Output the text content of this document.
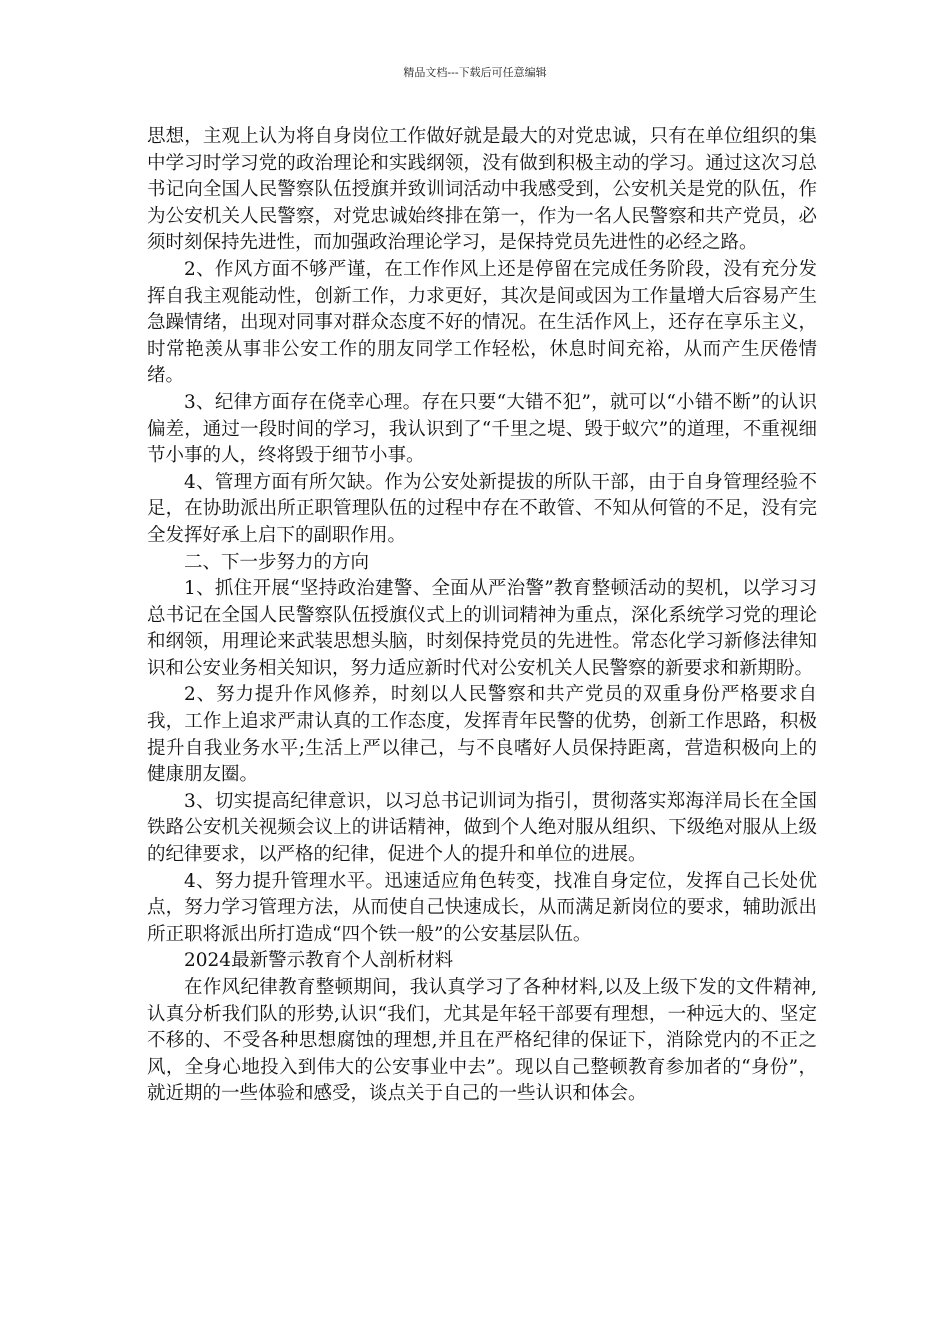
精品文档---下载后可任意编辑

思想，主观上认为将自身岗位工作做好就是最大的对党忠诚，只有在单位组织的集中学习时学习党的政治理论和实践纲领，没有做到积极主动的学习。通过这次习总书记向全国人民警察队伍授旗并致训词活动中我感受到，公安机关是党的队伍，作为公安机关人民警察，对党忠诚始终排在第一，作为一名人民警察和共产党员，必须时刻保持先进性，而加强政治理论学习，是保持党员先进性的必经之路。

2、作风方面不够严谨，在工作作风上还是停留在完成任务阶段，没有充分发挥自我主观能动性，创新工作，力求更好，其次是间或因为工作量增大后容易产生急躁情绪，出现对同事对群众态度不好的情况。在生活作风上，还存在享乐主义，时常艳羡从事非公安工作的朋友同学工作轻松，休息时间充裕，从而产生厌倦情绪。

3、纪律方面存在侥幸心理。存在只要“大错不犯”，就可以“小错不断”的认识偏差，通过一段时间的学习，我认识到了“千里之堤、毁于蚁穴”的道理，不重视细节小事的人，终将毁于细节小事。

4、管理方面有所欠缺。作为公安处新提拔的所队干部，由于自身管理经验不足，在协助派出所正职管理队伍的过程中存在不敢管、不知从何管的不足，没有完全发挥好承上启下的副职作用。

二、下一步努力的方向

1、抓住开展“坚持政治建警、全面从严治警”教育整顿活动的契机，以学习习总书记在全国人民警察队伍授旗仪式上的训词精神为重点，深化系统学习党的理论和纲领，用理论来武装思想头脑，时刻保持党员的先进性。常态化学习新修法律知识和公安业务相关知识，努力适应新时代对公安机关人民警察的新要求和新期盼。

2、努力提升作风修养，时刻以人民警察和共产党员的双重身份严格要求自我，工作上追求严肃认真的工作态度，发挥青年民警的优势，创新工作思路，积极提升自我业务水平;生活上严以律己，与不良嗜好人员保持距离，营造积极向上的健康朋友圈。

3、切实提高纪律意识，以习总书记训词为指引，贯彻落实郑海洋局长在全国铁路公安机关视频会议上的讲话精神，做到个人绝对服从组织、下级绝对服从上级的纪律要求，以严格的纪律，促进个人的提升和单位的进展。

4、努力提升管理水平。迅速适应角色转变，找准自身定位，发挥自己长处优点，努力学习管理方法，从而使自己快速成长，从而满足新岗位的要求，辅助派出所正职将派出所打造成“四个铁一般”的公安基层队伍。

2024最新警示教育个人剖析材料

在作风纪律教育整顿期间，我认真学习了各种材料,以及上级下发的文件精神,认真分析我们队的形势,认识“我们，尤其是年轻干部要有理想，一种远大的、坚定不移的、不受各种思想腐蚀的理想,并且在严格纪律的保证下，消除党内的不正之风，全身心地投入到伟大的公安事业中去”。现以自己整顿教育参加者的“身份”，就近期的一些体验和感受，谈点关于自己的一些认识和体会。
